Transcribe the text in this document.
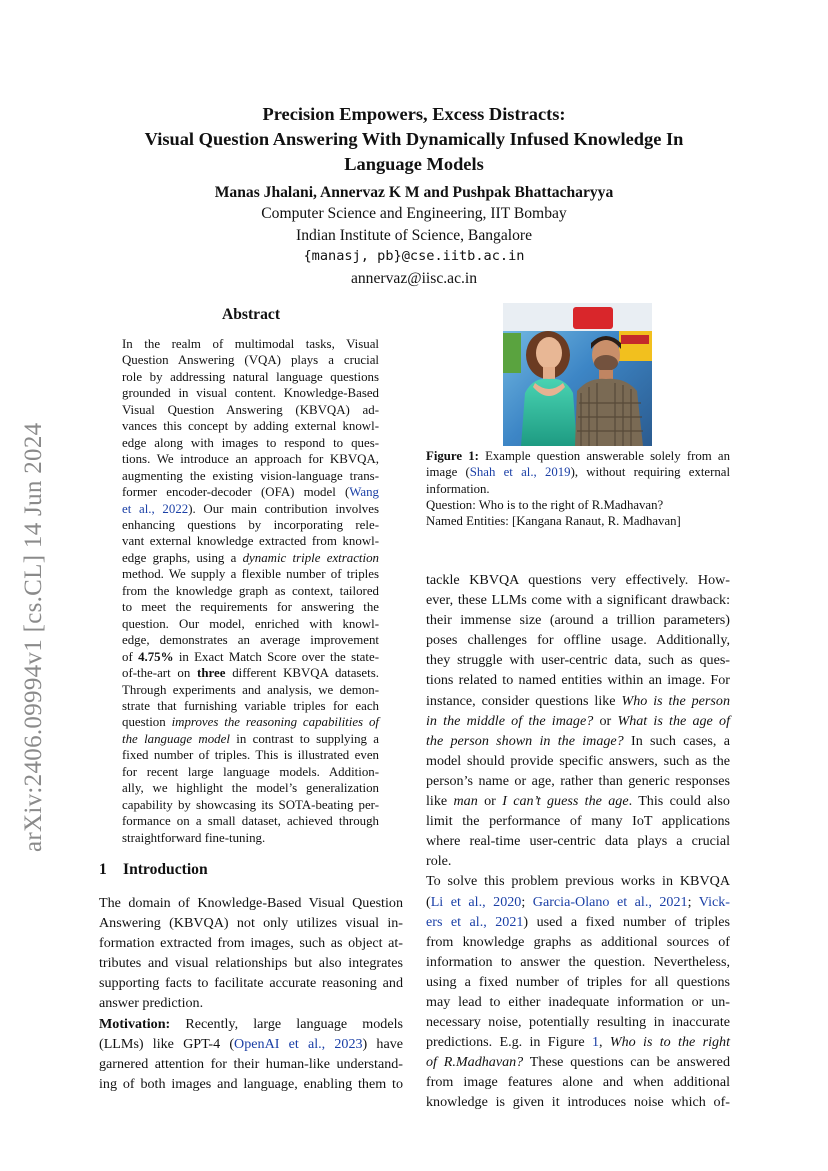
arXiv:2406.09994v1 [cs.CL] 14 Jun 2024
Precision Empowers, Excess Distracts:
Visual Question Answering With Dynamically Infused Knowledge In
Language Models
Manas Jhalani, Annervaz K M and Pushpak Bhattacharyya
Computer Science and Engineering, IIT Bombay
Indian Institute of Science, Bangalore
{manasj, pb}@cse.iitb.ac.in
annervaz@iisc.ac.in
Abstract
In the realm of multimodal tasks, Visual
Question Answering (VQA) plays a crucial
role by addressing natural language questions
grounded in visual content. Knowledge-Based
Visual Question Answering (KBVQA) ad-
vances this concept by adding external knowl-
edge along with images to respond to ques-
tions. We introduce an approach for KBVQA,
augmenting the existing vision-language trans-
former encoder-decoder (OFA) model (Wang
et al., 2022). Our main contribution involves
enhancing questions by incorporating rele-
vant external knowledge extracted from knowl-
edge graphs, using a dynamic triple extraction
method. We supply a flexible number of triples
from the knowledge graph as context, tailored
to meet the requirements for answering the
question. Our model, enriched with knowl-
edge, demonstrates an average improvement
of 4.75% in Exact Match Score over the state-
of-the-art on three different KBVQA datasets.
Through experiments and analysis, we demon-
strate that furnishing variable triples for each
question improves the reasoning capabilities of
the language model in contrast to supplying a
fixed number of triples. This is illustrated even
for recent large language models. Addition-
ally, we highlight the model’s generalization
capability by showcasing its SOTA-beating per-
formance on a small dataset, achieved through
straightforward fine-tuning.
1 Introduction
The domain of Knowledge-Based Visual Question
Answering (KBVQA) not only utilizes visual in-
formation extracted from images, such as object at-
tributes and visual relationships but also integrates
supporting facts to facilitate accurate reasoning and
answer prediction.
Motivation: Recently, large language models
(LLMs) like GPT-4 (OpenAI et al., 2023) have
garnered attention for their human-like understand-
ing of both images and language, enabling them to
Figure 1: Example question answerable solely from an
image (Shah et al., 2019), without requiring external
information.
Question: Who is to the right of R.Madhavan?
Named Entities: [Kangana Ranaut, R. Madhavan]
tackle KBVQA questions very effectively. How-
ever, these LLMs come with a significant drawback:
their immense size (around a trillion parameters)
poses challenges for offline usage. Additionally,
they struggle with user-centric data, such as ques-
tions related to named entities within an image. For
instance, consider questions like Who is the person
in the middle of the image? or What is the age of
the person shown in the image? In such cases, a
model should provide specific answers, such as the
person’s name or age, rather than generic responses
like man or I can’t guess the age. This could also
limit the performance of many IoT applications
where real-time user-centric data plays a crucial
role.
To solve this problem previous works in KBVQA
(Li et al., 2020; Garcia-Olano et al., 2021; Vick-
ers et al., 2021) used a fixed number of triples
from knowledge graphs as additional sources of
information to answer the question. Nevertheless,
using a fixed number of triples for all questions
may lead to either inadequate information or un-
necessary noise, potentially resulting in inaccurate
predictions. E.g. in Figure 1, Who is to the right
of R.Madhavan? These questions can be answered
from image features alone and when additional
knowledge is given it introduces noise which of-
